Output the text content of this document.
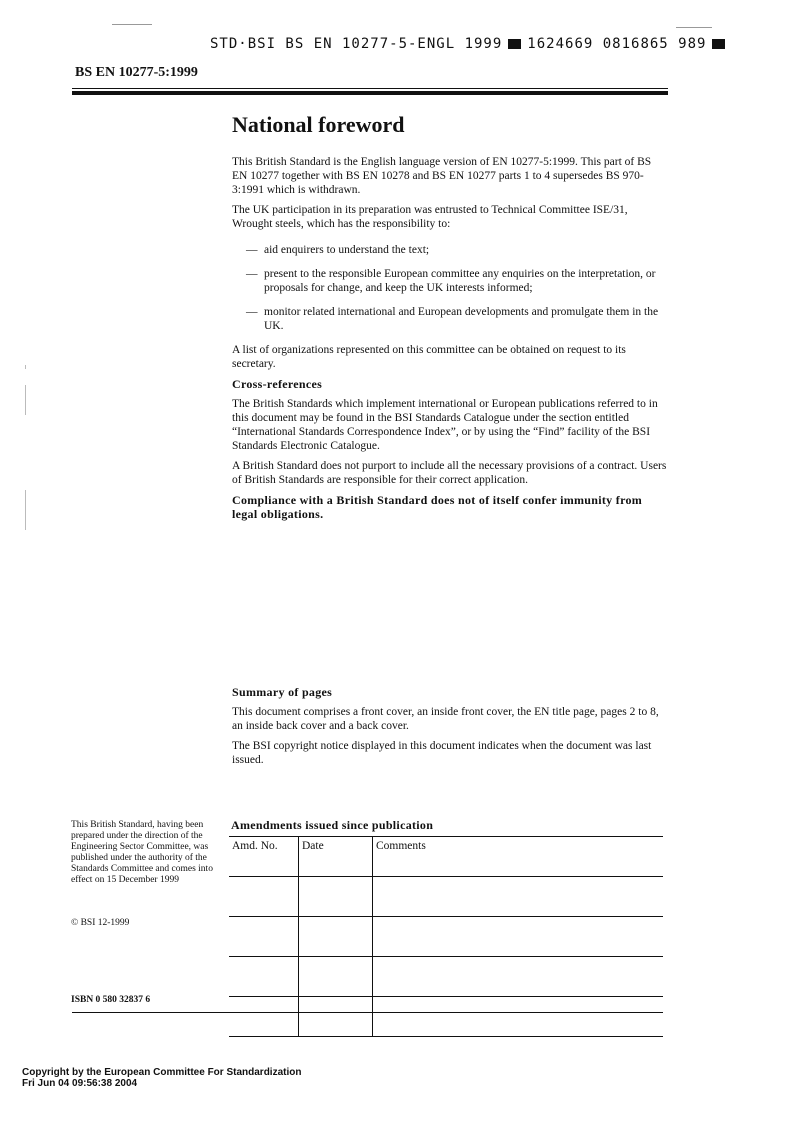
STD·BSI BS EN 10277-5-ENGL 1999 1624669 0816865 989
BS EN 10277-5:1999
National foreword

This British Standard is the English language version of EN 10277-5:1999. This part of BS EN 10277 together with BS EN 10278 and BS EN 10277 parts 1 to 4 supersedes BS 970-3:1991 which is withdrawn.

The UK participation in its preparation was entrusted to Technical Committee ISE/31, Wrought steels, which has the responsibility to:

— aid enquirers to understand the text;
— present to the responsible European committee any enquiries on the interpretation, or proposals for change, and keep the UK interests informed;
— monitor related international and European developments and promulgate them in the UK.

A list of organizations represented on this committee can be obtained on request to its secretary.

Cross-references

The British Standards which implement international or European publications referred to in this document may be found in the BSI Standards Catalogue under the section entitled “International Standards Correspondence Index”, or by using the “Find” facility of the BSI Standards Electronic Catalogue.

A British Standard does not purport to include all the necessary provisions of a contract. Users of British Standards are responsible for their correct application.

Compliance with a British Standard does not of itself confer immunity from legal obligations.
Summary of pages

This document comprises a front cover, an inside front cover, the EN title page, pages 2 to 8, an inside back cover and a back cover.

The BSI copyright notice displayed in this document indicates when the document was last issued.

This British Standard, having been prepared under the direction of the Engineering Sector Committee, was published under the authority of the Standards Committee and comes into effect on 15 December 1999
© BSI 12-1999
ISBN 0 580 32837 6
Amendments issued since publication
Amd. No.	Date	Comments

Copyright by the European Committee For Standardization
Fri Jun 04 09:56:38 2004
